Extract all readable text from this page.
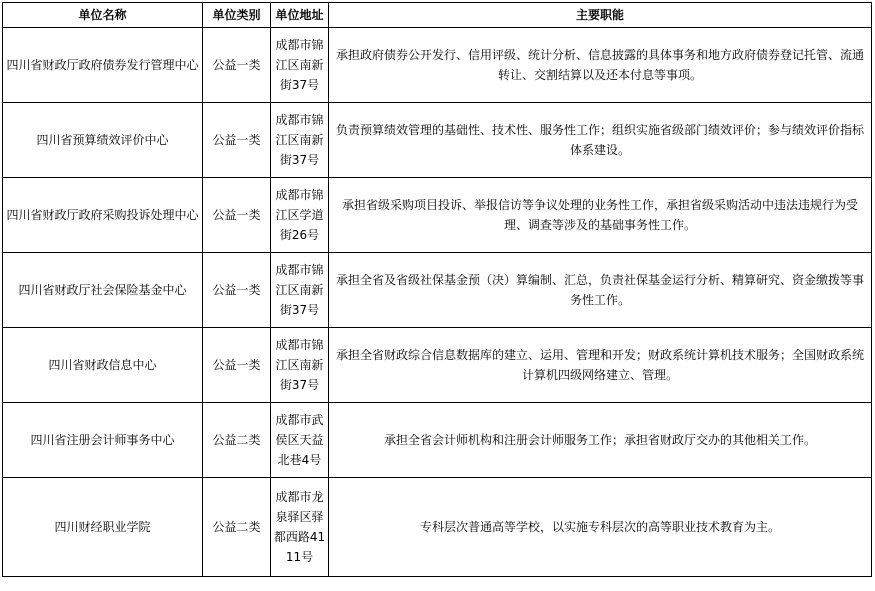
单位名称	单位类别	单位地址	主要职能
四川省财政厅政府债券发行管理中心	公益一类	成都市锦江区南新街37号	承担政府债券公开发行、信用评级、统计分析、信息披露的具体事务和地方政府债券登记托管、流通转让、交割结算以及还本付息等事项。
四川省预算绩效评价中心	公益一类	成都市锦江区南新街37号	负责预算绩效管理的基础性、技术性、服务性工作；组织实施省级部门绩效评价；参与绩效评价指标体系建设。
四川省财政厅政府采购投诉处理中心	公益一类	成都市锦江区学道街26号	承担省级采购项目投诉、举报信访等争议处理的业务性工作，承担省级采购活动中违法违规行为受理、调查等涉及的基础事务性工作。
四川省财政厅社会保险基金中心	公益一类	成都市锦江区南新街37号	承担全省及省级社保基金预（决）算编制、汇总，负责社保基金运行分析、精算研究、资金缴拨等事务性工作。
四川省财政信息中心	公益一类	成都市锦江区南新街37号	承担全省财政综合信息数据库的建立、运用、管理和开发；财政系统计算机技术服务；全国财政系统计算机四级网络建立、管理。
四川省注册会计师事务中心	公益二类	成都市武侯区天益北巷4号	承担全省会计师机构和注册会计师服务工作；承担省财政厅交办的其他相关工作。
四川财经职业学院	公益二类	成都市龙泉驿区驿都西路4111号	专科层次普通高等学校，以实施专科层次的高等职业技术教育为主。
